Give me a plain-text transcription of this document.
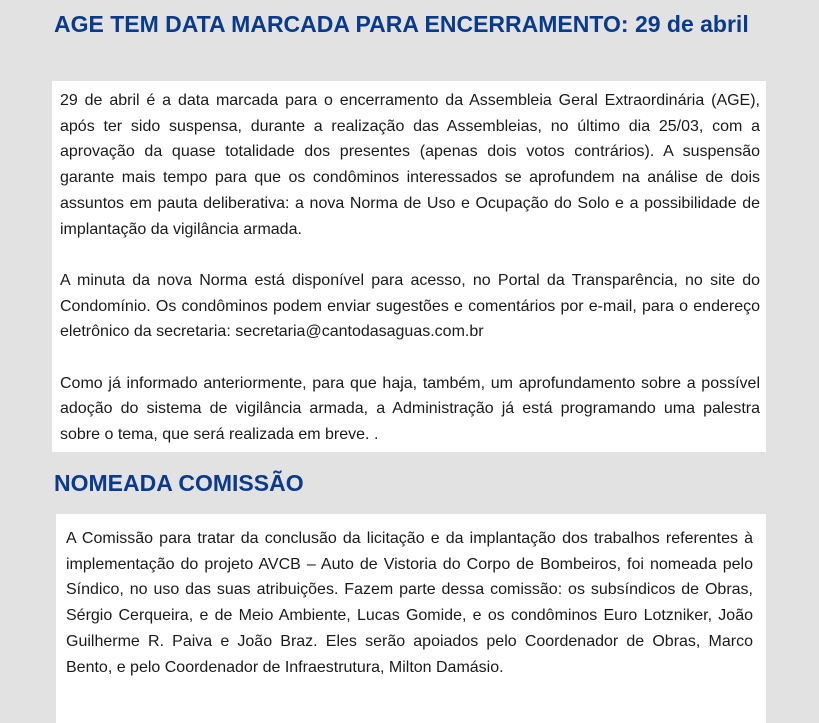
AGE TEM DATA MARCADA PARA ENCERRAMENTO: 29 de abril

29 de abril é a data marcada para o encerramento da Assembleia Geral Extraordinária (AGE), após ter sido suspensa, durante a realização das Assembleias, no último dia 25/03, com a aprovação da quase totalidade dos presentes (apenas dois votos contrários). A suspensão garante mais tempo para que os condôminos interessados se aprofundem na análise de dois assuntos em pauta deliberativa: a nova Norma de Uso e Ocupação do Solo e a possibilidade de implantação da vigilância armada.

A minuta da nova Norma está disponível para acesso, no Portal da Transparência, no site do Condomínio. Os condôminos podem enviar sugestões e comentários por e-mail, para o endereço eletrônico da secretaria: secretaria@cantodasaguas.com.br

Como já informado anteriormente, para que haja, também, um aprofundamento sobre a possível adoção do sistema de vigilância armada, a Administração já está programando uma palestra sobre o tema, que será realizada em breve. .

NOMEADA COMISSÃO

A Comissão para tratar da conclusão da licitação e da implantação dos trabalhos referentes à implementação do projeto AVCB – Auto de Vistoria do Corpo de Bombeiros, foi nomeada pelo Síndico, no uso das suas atribuições. Fazem parte dessa comissão: os subsíndicos de Obras, Sérgio Cerqueira, e de Meio Ambiente, Lucas Gomide, e os condôminos Euro Lotzniker, João Guilherme R. Paiva e João Braz. Eles serão apoiados pelo Coordenador de Obras, Marco Bento, e pelo Coordenador de Infraestrutura, Milton Damásio.
